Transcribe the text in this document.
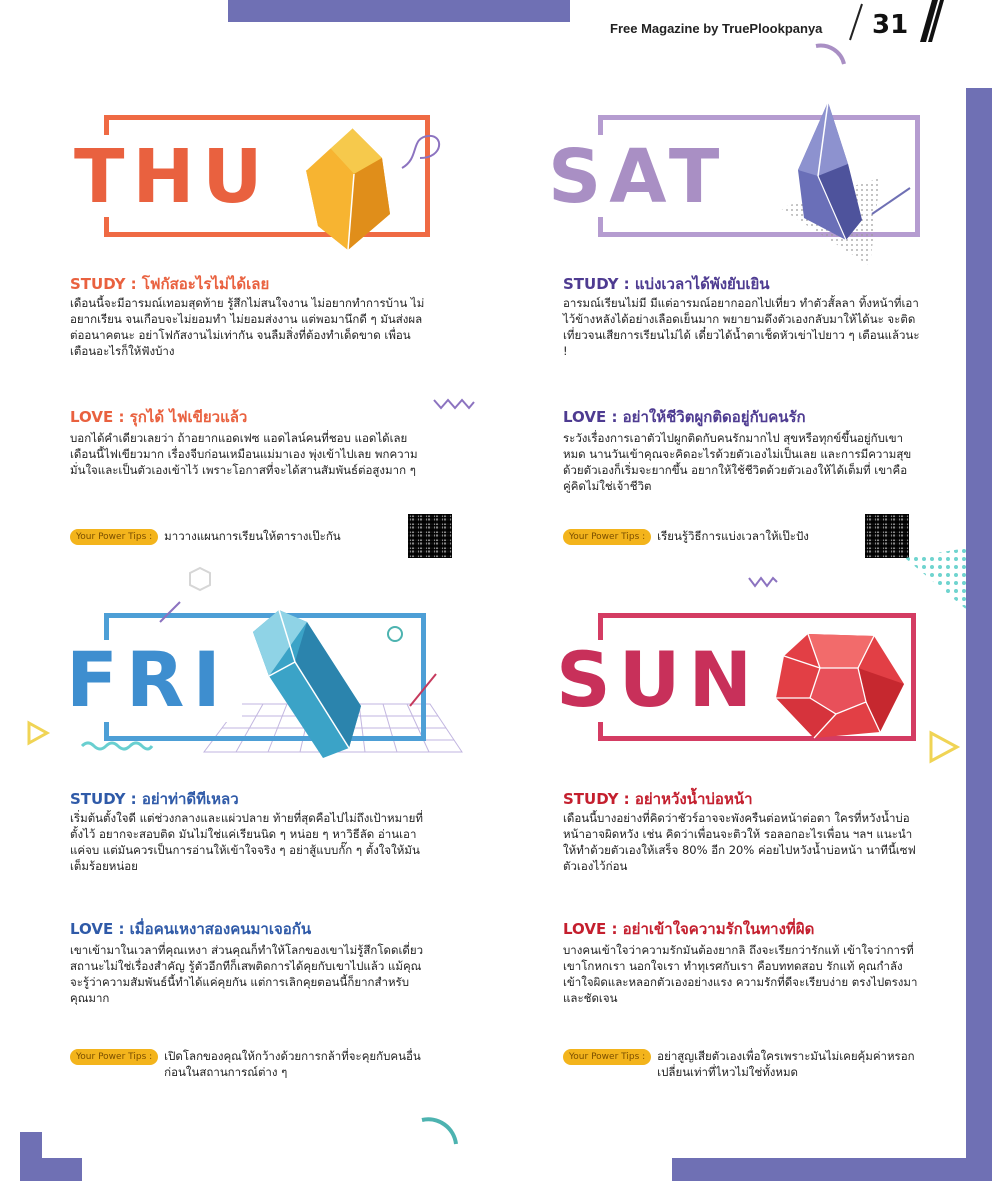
Free Magazine by TruePlookpanya 31
THU
STUDY : โฟกัสอะไรไม่ได้เลย
เดือนนี้จะมีอารมณ์เทอมสุดท้าย รู้สึกไม่สนใจงาน ไม่อยากทำการบ้าน ไม่อยากเรียน จนเกือบจะไม่ยอมทำ ไม่ยอมส่งงาน แต่พอมานึกดี ๆ มันส่งผลต่ออนาคตนะ อย่าโฟกัสงานไม่เท่ากัน จนลืมสิ่งที่ต้องทำเด็ดขาด เพื่อนเตือนอะไรก็ให้ฟังบ้าง
LOVE : รุกได้ ไฟเขียวแล้ว
บอกได้คำเดียวเลยว่า ถ้าอยากแอดเฟซ แอดไลน์คนที่ชอบ แอดได้เลย เดือนนี้ไฟเขียวมาก เรื่องจีบก่อนเหมือนแม่มาเอง พุ่งเข้าไปเลย พกความมั่นใจและเป็นตัวเองเข้าไว้ เพราะโอกาสที่จะได้สานสัมพันธ์ต่อสูงมาก ๆ
Your Power Tips :	มาวางแผนการเรียนให้ตารางเป๊ะกัน
SAT
STUDY : แบ่งเวลาได้พังยับเยิน
อารมณ์เรียนไม่มี มีแต่อารมณ์อยากออกไปเที่ยว ทำตัวสั้ลลา ทิ้งหน้าที่เอาไว้ข้างหลังได้อย่างเลือดเย็นมาก พยายามดึงตัวเองกลับมาให้ได้นะ จะติดเที่ยวจนเสียการเรียนไม่ได้ เดี๋ยวได้น้ำตาเช็ดหัวเข่าไปยาว ๆ เตือนแล้วนะ !
LOVE : อย่าให้ชีวิตผูกติดอยู่กับคนรัก
ระวังเรื่องการเอาตัวไปผูกติดกับคนรักมากไป สุขหรือทุกข์ขึ้นอยู่กับเขาหมด นานวันเข้าคุณจะคิดอะไรด้วยตัวเองไม่เป็นเลย และการมีความสุขด้วยตัวเองก็เริ่มจะยากขึ้น อยากให้ใช้ชีวิตด้วยตัวเองให้ได้เต็มที่ เขาคือคู่คิดไม่ใช่เจ้าชีวิต
Your Power Tips :	เรียนรู้วิธีการแบ่งเวลาให้เป๊ะปัง
FRI
STUDY : อย่าท่าดีทีเหลว
เริ่มต้นตั้งใจดี แต่ช่วงกลางและแผ่วปลาย ท้ายที่สุดคือไปไม่ถึงเป้าหมายที่ตั้งไว้ อยากจะสอบติด มันไม่ใช่แค่เรียนนิด ๆ หน่อย ๆ หาวิธีลัด อ่านเอาแค่จบ แต่มันควรเป็นการอ่านให้เข้าใจจริง ๆ อย่าสู้แบบกั๊ก ๆ ตั้งใจให้มันเต็มร้อยหน่อย
LOVE : เมื่อคนเหงาสองคนมาเจอกัน
เขาเข้ามาในเวลาที่คุณเหงา ส่วนคุณก็ทำให้โลกของเขาไม่รู้สึกโดดเดี่ยว สถานะไม่ใช่เรื่องสำคัญ รู้ตัวอีกทีก็เสพติดการได้คุยกับเขาไปแล้ว แม้คุณจะรู้ว่าความสัมพันธ์นี้ทำได้แค่คุยกัน แต่การเลิกคุยตอนนี้ก็ยากสำหรับคุณมาก
Your Power Tips :	เปิดโลกของคุณให้กว้างด้วยการกล้าที่จะคุยกับคนอื่นก่อนในสถานการณ์ต่าง ๆ
SUN
STUDY : อย่าหวังน้ำบ่อหน้า
เดือนนี้บางอย่างที่คิดว่าชัวร์อาจจะพังครืนต่อหน้าต่อตา ใครที่หวังน้ำบ่อหน้าอาจผิดหวัง เช่น คิดว่าเพื่อนจะติวให้ รอลอกอะไรเพื่อน ฯลฯ แนะนำให้ทำด้วยตัวเองให้เสร็จ 80% อีก 20% ค่อยไปหวังน้ำบ่อหน้า นาทีนี้เซฟตัวเองไว้ก่อน
LOVE : อย่าเข้าใจความรักในทางที่ผิด
บางคนเข้าใจว่าความรักมันต้องยากลิ ถึงจะเรียกว่ารักแท้ เข้าใจว่าการที่เขาโกหกเรา นอกใจเรา ทำทุเรศกับเรา คือบททดสอบ รักแท้ คุณกำลังเข้าใจผิดและหลอกตัวเองอย่างแรง ความรักที่ดีจะเรียบง่าย ตรงไปตรงมา และชัดเจน
Your Power Tips :	อย่าสูญเสียตัวเองเพื่อใครเพราะมันไม่เคยคุ้มค่าหรอก เปลี่ยนเท่าที่ไหวไม่ใช่ทั้งหมด
